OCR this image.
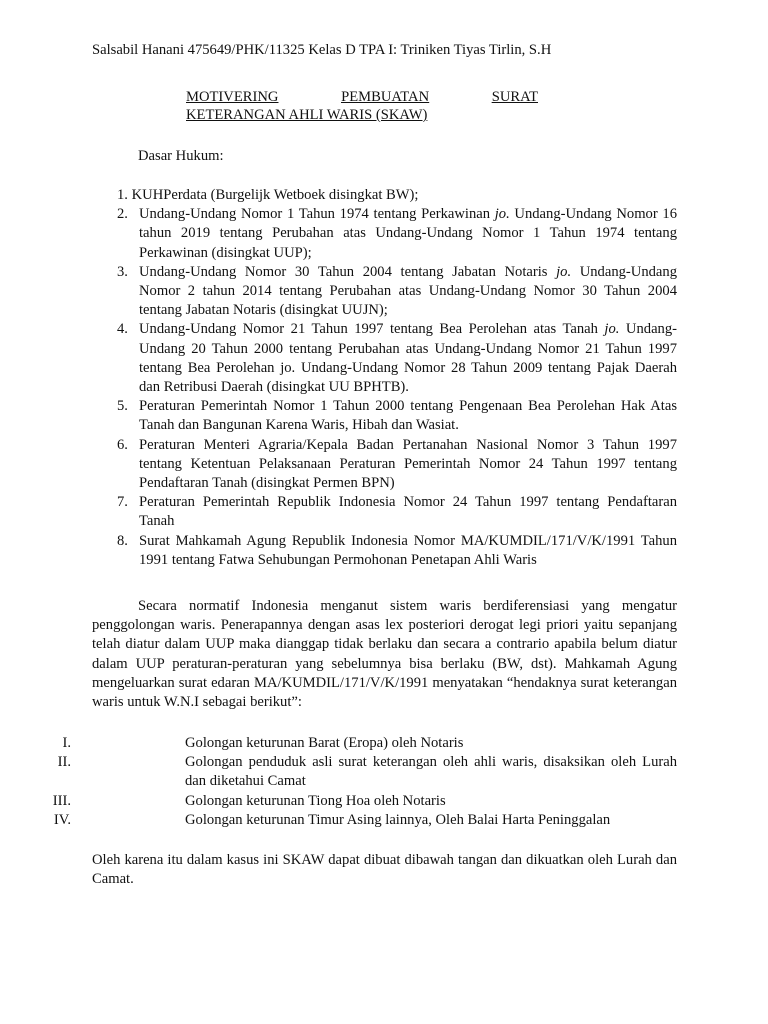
Salsabil Hanani 475649/PHK/11325 Kelas D TPA I: Triniken Tiyas Tirlin, S.H
MOTIVERING	PEMBUATAN	SURAT
KETERANGAN AHLI WARIS (SKAW)
Dasar Hukum:
1. KUHPerdata (Burgelijk Wetboek disingkat BW);
2. Undang-Undang Nomor 1 Tahun 1974 tentang Perkawinan jo. Undang-Undang Nomor 16 tahun 2019 tentang Perubahan atas Undang-Undang Nomor 1 Tahun 1974 tentang Perkawinan (disingkat UUP);
3. Undang-Undang Nomor 30 Tahun 2004 tentang Jabatan Notaris jo. Undang-Undang Nomor 2 tahun 2014 tentang Perubahan atas Undang-Undang Nomor 30 Tahun 2004 tentang Jabatan Notaris (disingkat UUJN);
4. Undang-Undang Nomor 21 Tahun 1997 tentang Bea Perolehan atas Tanah jo. Undang-Undang 20 Tahun 2000 tentang Perubahan atas Undang-Undang Nomor 21 Tahun 1997 tentang Bea Perolehan jo. Undang-Undang Nomor 28 Tahun 2009 tentang Pajak Daerah dan Retribusi Daerah (disingkat UU BPHTB).
5. Peraturan Pemerintah Nomor 1 Tahun 2000 tentang Pengenaan Bea Perolehan Hak Atas Tanah dan Bangunan Karena Waris, Hibah dan Wasiat.
6. Peraturan Menteri Agraria/Kepala Badan Pertanahan Nasional Nomor 3 Tahun 1997 tentang Ketentuan Pelaksanaan Peraturan Pemerintah Nomor 24 Tahun 1997 tentang Pendaftaran Tanah (disingkat Permen BPN)
7. Peraturan Pemerintah Republik Indonesia Nomor 24 Tahun 1997 tentang Pendaftaran Tanah
8. Surat Mahkamah Agung Republik Indonesia Nomor MA/KUMDIL/171/V/K/1991 Tahun 1991 tentang Fatwa Sehubungan Permohonan Penetapan Ahli Waris

Secara normatif Indonesia menganut sistem waris berdiferensiasi yang mengatur penggolongan waris. Penerapannya dengan asas lex posteriori derogat legi priori yaitu sepanjang telah diatur dalam UUP maka dianggap tidak berlaku dan secara a contrario apabila belum diatur dalam UUP peraturan-peraturan yang sebelumnya bisa berlaku (BW, dst). Mahkamah Agung mengeluarkan surat edaran MA/KUMDIL/171/V/K/1991 menyatakan “hendaknya surat keterangan waris untuk W.N.I sebagai berikut”:

I.	Golongan keturunan Barat (Eropa) oleh Notaris
II.	Golongan penduduk asli surat keterangan oleh ahli waris, disaksikan oleh Lurah dan diketahui Camat
III.	Golongan keturunan Tiong Hoa oleh Notaris
IV.	Golongan keturunan Timur Asing lainnya, Oleh Balai Harta Peninggalan

Oleh karena itu dalam kasus ini SKAW dapat dibuat dibawah tangan dan dikuatkan oleh Lurah dan Camat.
